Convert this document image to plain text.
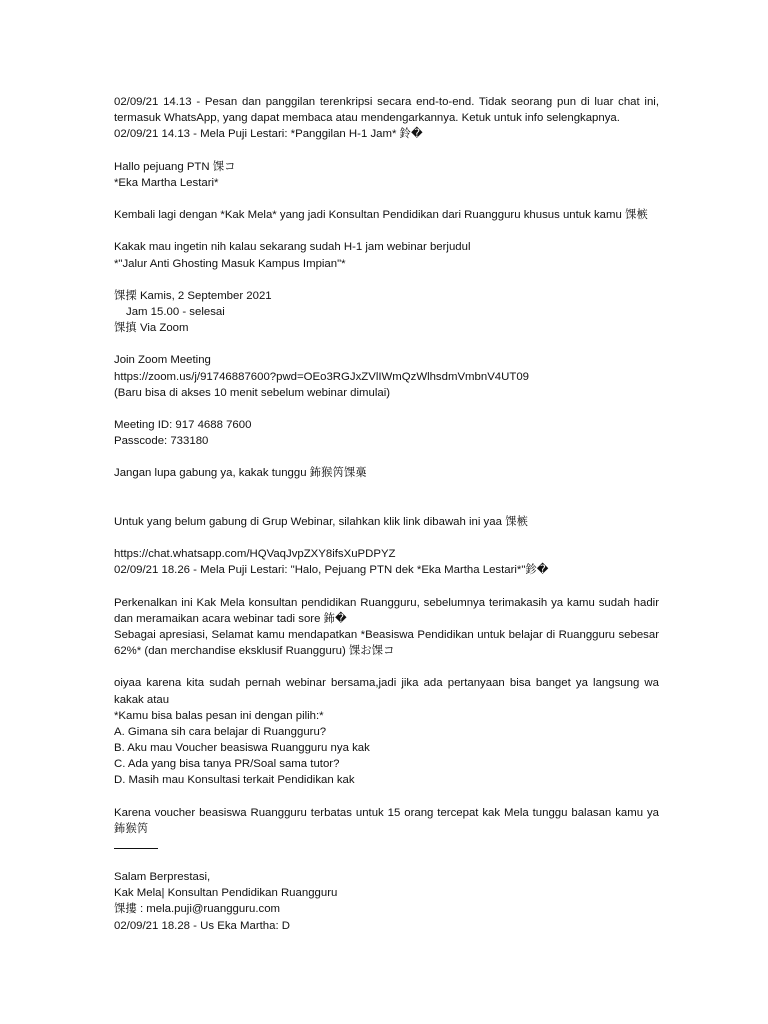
02/09/21 14.13 - Pesan dan panggilan terenkripsi secara end-to-end. Tidak seorang pun di luar chat ini,
termasuk WhatsApp, yang dapat membaca atau mendengarkannya. Ketuk untuk info selengkapnya.
02/09/21 14.13 - Mela Puji Lestari: *Panggilan H-1 Jam* 鈴�
Hallo pejuang PTN 馃コ
*Eka Martha Lestari*
Kembali lagi dengan *Kak Mela* yang jadi Konsultan Pendidikan dari Ruangguru khusus untuk kamu 馃槉
Kakak mau ingetin nih kalau sekarang sudah H-1 jam webinar berjudul
*"Jalur Anti Ghosting Masuk Kampus Impian"*
馃搮 Kamis, 2 September 2021
Jam 15.00 - selesai
馃搷 Via Zoom
Join Zoom Meeting
https://zoom.us/j/91746887600?pwd=OEo3RGJxZVlIWmQzWlhsdmVmbnV4UT09
(Baru bisa di akses 10 menit sebelum webinar dimulai)
Meeting ID: 917 4688 7600
Passcode: 733180
Jangan lupa gabung ya, kakak tunggu 鈽猴笍馃槀
Untuk yang belum gabung di Grup Webinar, silahkan klik link dibawah ini yaa 馃槉
https://chat.whatsapp.com/HQVaqJvpZXY8ifsXuPDPYZ
02/09/21 18.26 - Mela Puji Lestari: "Halo, Pejuang PTN dek *Eka Martha Lestari*"鉁�
Perkenalkan ini Kak Mela konsultan pendidikan Ruangguru, sebelumnya terimakasih ya kamu sudah hadir
dan meramaikan acara webinar tadi sore 鈽�
Sebagai apresiasi, Selamat kamu mendapatkan *Beasiswa Pendidikan untuk belajar di Ruangguru sebesar
62%* (dan merchandise eksklusif Ruangguru) 馃お馃コ
oiyaa karena kita sudah pernah webinar bersama,jadi jika ada pertanyaan bisa banget ya langsung wa
kakak atau
*Kamu bisa balas pesan ini dengan pilih:*
A. Gimana sih cara belajar di Ruangguru?
B. Aku mau Voucher beasiswa Ruangguru nya kak
C. Ada yang bisa tanya PR/Soal sama tutor?
D. Masih mau Konsultasi terkait Pendidikan kak
Karena voucher beasiswa Ruangguru terbatas untuk 15 orang tercepat kak Mela tunggu balasan kamu ya
鈽猴笍
Salam Berprestasi,
Kak Mela| Konsultan Pendidikan Ruangguru
馃摟 : mela.puji@ruangguru.com
02/09/21 18.28 - Us Eka Martha: D
